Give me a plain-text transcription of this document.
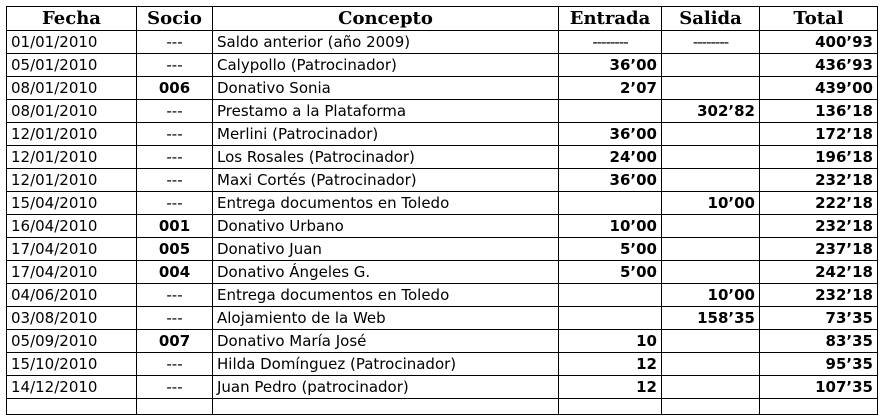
Fecha	Socio	Concepto	Entrada	Salida	Total
01/01/2010	---	Saldo anterior (año 2009)	--------	--------	400’93
05/01/2010	---	Calypollo (Patrocinador)	36’00		436’93
08/01/2010	006	Donativo Sonia	2’07		439’00
08/01/2010	---	Prestamo a la Plataforma		302’82	136’18
12/01/2010	---	Merlini (Patrocinador)	36’00		172’18
12/01/2010	---	Los Rosales (Patrocinador)	24’00		196’18
12/01/2010	---	Maxi Cortés (Patrocinador)	36’00		232’18
15/04/2010	---	Entrega documentos en Toledo		10’00	222’18
16/04/2010	001	Donativo Urbano	10’00		232’18
17/04/2010	005	Donativo Juan	5’00		237’18
17/04/2010	004	Donativo Ángeles G.	5’00		242’18
04/06/2010	---	Entrega documentos en Toledo		10’00	232’18
03/08/2010	---	Alojamiento de la Web		158’35	73’35
05/09/2010	007	Donativo María José	10		83’35
15/10/2010	---	Hilda Domínguez (Patrocinador)	12		95’35
14/12/2010	---	Juan Pedro (patrocinador)	12		107’35
